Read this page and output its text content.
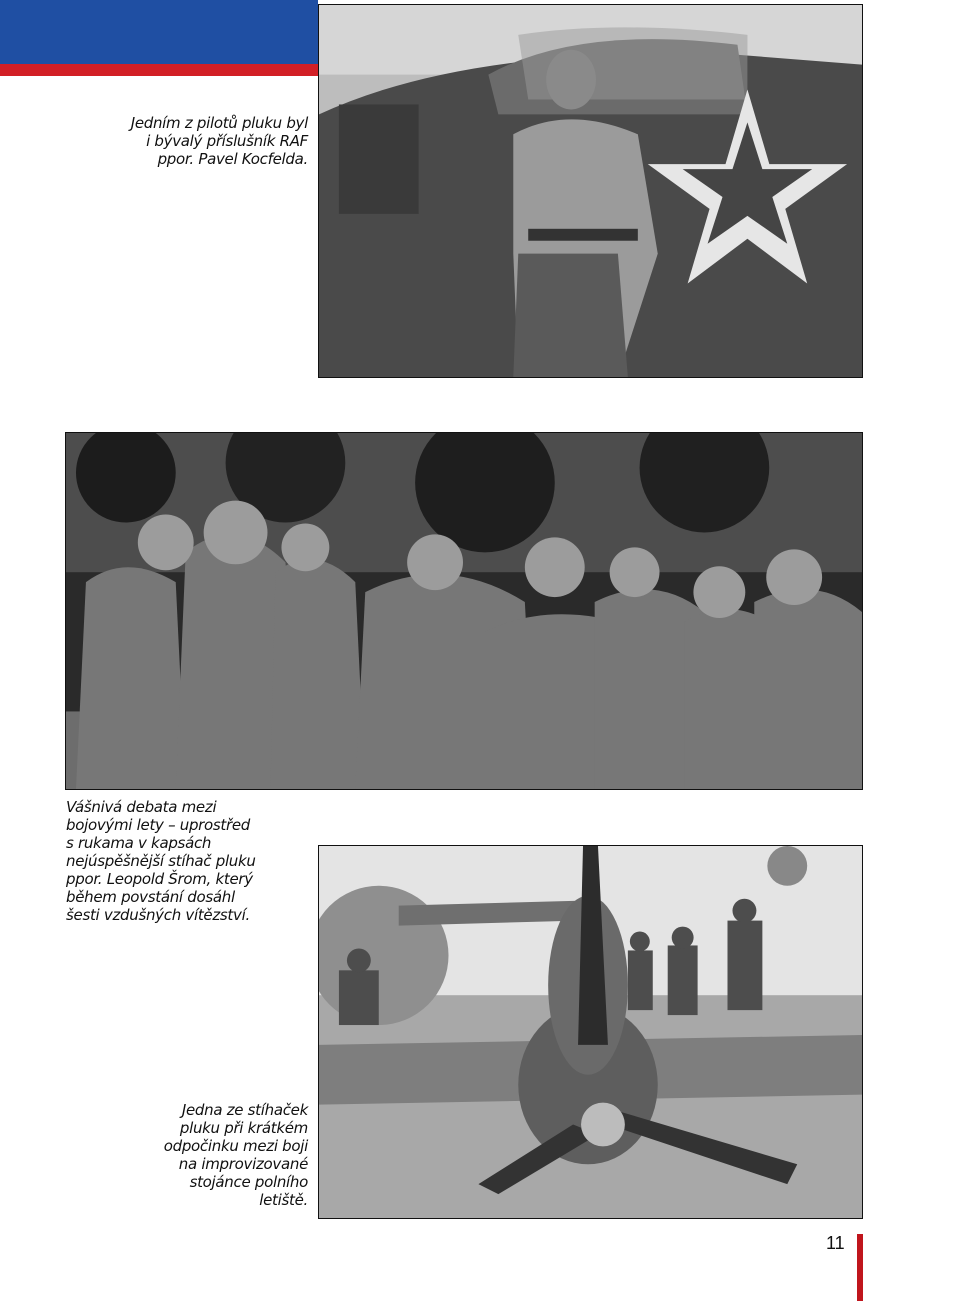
Jedním z pilotů pluku byl
i bývalý příslušník RAF
ppor. Pavel Kocfelda.
Vášnivá debata mezi
bojovými lety – uprostřed
s rukama v kapsách
nejúspěšnější stíhač pluku
ppor. Leopold Šrom, který
během povstání dosáhl
šesti vzdušných vítězství.
Jedna ze stíhaček
pluku při krátkém
odpočinku mezi boji
na improvizované
stojánce polního
letiště.
11
